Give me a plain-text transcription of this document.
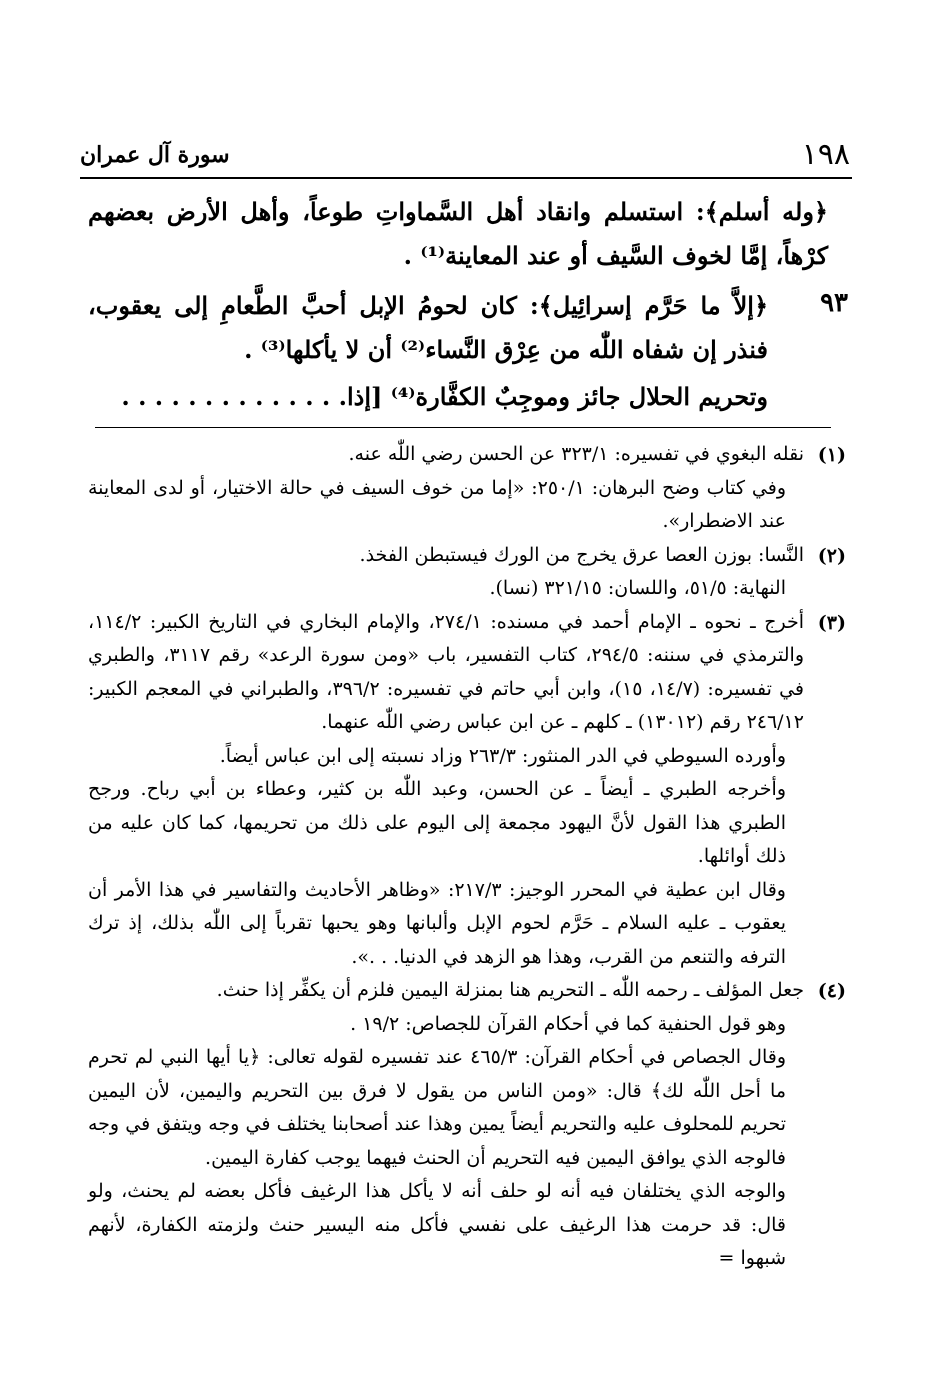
١٩٨
سورة آل عمران
﴿وله أسلم﴾: استسلم وانقاد أهل السَّماواتِ طوعاً، وأهل الأرض بعضهم كرْهاً، إمَّا لخوف السَّيف أو عند المعاينة⁽¹⁾ .
٩٣
﴿إلاَّ ما حَرَّم إسرائِيل﴾: كان لحومُ الإبل أحبَّ الطَّعامِ إلى يعقوب، فنذر إن شفاه اللّٰه من عِرْق النَّساء⁽²⁾ أن لا يأكلها⁽³⁾ .
وتحريم الحلال جائز وموجِبٌ الكفَّارة⁽⁴⁾ [إذا. . . . . . . . . . . . . .
(١)

نقله البغوي في تفسيره: ٣٢٣/١ عن الحسن رضي اللّٰه عنه.

وفي كتاب وضح البرهان: ٢٥٠/١: «إما من خوف السيف في حالة الاختيار، أو لدى المعاينة عند الاضطرار».

(٢)

النَّسا: بوزن العصا عرق يخرج من الورك فيستبطن الفخذ.

النهاية: ٥١/٥، واللسان: ٣٢١/١٥ (نسا).

(٣)

أخرج ـ نحوه ـ الإمام أحمد في مسنده: ٢٧٤/١، والإمام البخاري في التاريخ الكبير: ١١٤/٢، والترمذي في سننه: ٢٩٤/٥، كتاب التفسير، باب «ومن سورة الرعد» رقم ٣١١٧، والطبري في تفسيره: (١٤/٧، ١٥)، وابن أبي حاتم في تفسيره: ٣٩٦/٢، والطبراني في المعجم الكبير: ٢٤٦/١٢ رقم (١٣٠١٢) ـ كلهم ـ عن ابن عباس رضي اللّٰه عنهما.

وأورده السيوطي في الدر المنثور: ٢٦٣/٣ وزاد نسبته إلى ابن عباس أيضاً.

وأخرجه الطبري ـ أيضاً ـ عن الحسن، وعبد اللّٰه بن كثير، وعطاء بن أبي رباح. ورجح الطبري هذا القول لأنَّ اليهود مجمعة إلى اليوم على ذلك من تحريمها، كما كان عليه من ذلك أوائلها.

وقال ابن عطية في المحرر الوجيز: ٢١٧/٣: «وظاهر الأحاديث والتفاسير في هذا الأمر أن يعقوب ـ عليه السلام ـ حَرَّم لحوم الإبل وألبانها وهو يحبها تقرباً إلى اللّٰه بذلك، إذ ترك الترفه والتنعم من القرب، وهذا هو الزهد في الدنيا. . .».

(٤)

جعل المؤلف ـ رحمه اللّٰه ـ التحريم هنا بمنزلة اليمين فلزم أن يكفِّر إذا حنث.

وهو قول الحنفية كما في أحكام القرآن للجصاص: ١٩/٢ .

وقال الجصاص في أحكام القرآن: ٤٦٥/٣ عند تفسيره لقوله تعالى: ﴿يا أيها النبي لم تحرم ما أحل اللّٰه لك﴾ قال: «ومن الناس من يقول لا فرق بين التحريم واليمين، لأن اليمين تحريم للمحلوف عليه والتحريم أيضاً يمين وهذا عند أصحابنا يختلف في وجه ويتفق في وجه فالوجه الذي يوافق اليمين فيه التحريم أن الحنث فيهما يوجب كفارة اليمين.

والوجه الذي يختلفان فيه أنه لو حلف أنه لا يأكل هذا الرغيف فأكل بعضه لم يحنث، ولو قال: قد حرمت هذا الرغيف على نفسي فأكل منه اليسير حنث ولزمته الكفارة، لأنهم شبهوا =
